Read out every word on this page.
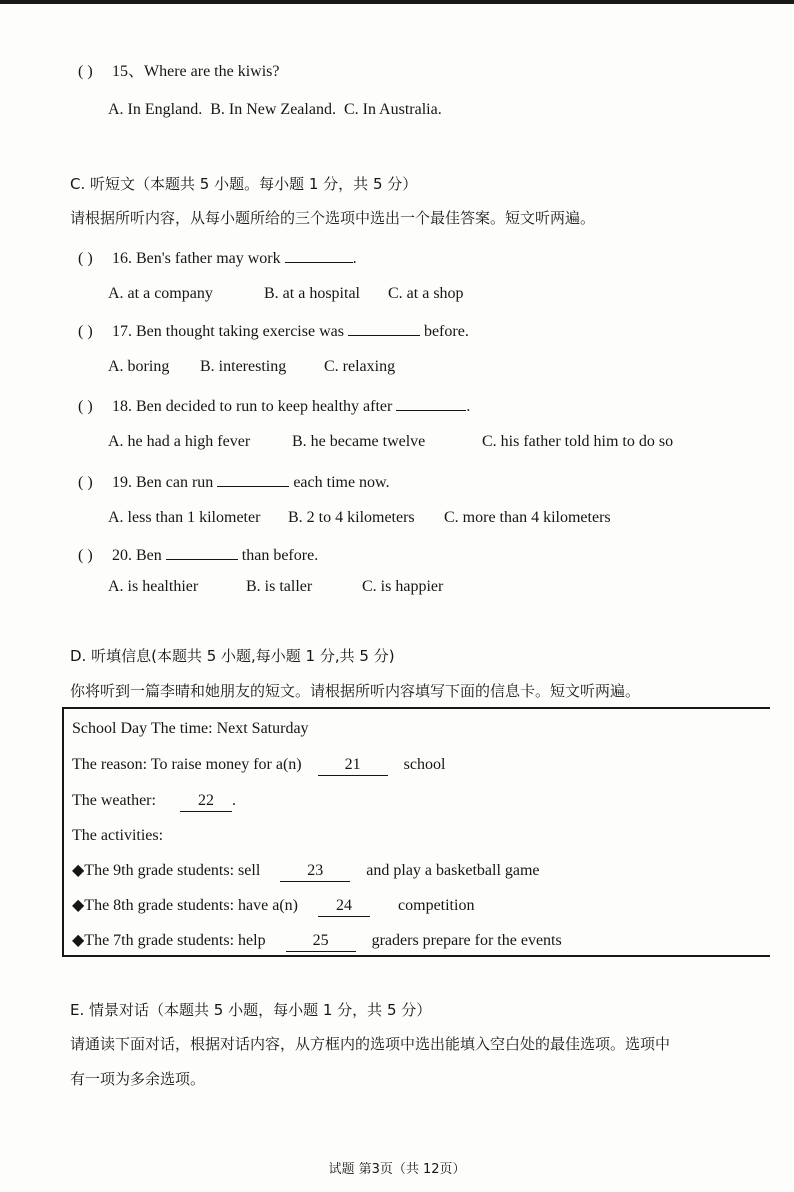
( ) 15、Where are the kiwis?
A. In England. B. In New Zealand. C. In Australia.
C. 听短文（本题共 5 小题。每小题 1 分，共 5 分）
请根据所听内容，从每小题所给的三个选项中选出一个最佳答案。短文听两遍。
( ) 16. Ben's father may work	.
A. at a company	B. at a hospital C. at a shop
( ) 17. Ben thought taking exercise was	before.
A. boring B. interesting C. relaxing
( ) 18. Ben decided to run to keep healthy after	.
A. he had a high fever	B. he became twelve	C. his father told him to do so
( ) 19. Ben can run	each time now.
A. less than 1 kilometer B. 2 to 4 kilometers C. more than 4 kilometers
( ) 20. Ben	than before.
A. is healthier	B. is taller	C. is happier
D. 听填信息(本题共 5 小题,每小题 1 分,共 5 分)
你将听到一篇李晴和她朋友的短文。请根据所听内容填写下面的信息卡。短文听两遍。
School Day The time: Next Saturday
The reason: To raise money for a(n)	21	school
The weather:	22 .
The activities:
◆The 9th grade students: sell	23	and play a basketball game
◆The 8th grade students: have a(n) 24	competition
◆The 7th grade students: help	25	graders prepare for the events
E. 情景对话（本题共 5 小题，每小题 1 分，共 5 分）
请通读下面对话，根据对话内容，从方框内的选项中选出能填入空白处的最佳选项。选项中
有一项为多余选项。
试题 第3页（共 12页）
